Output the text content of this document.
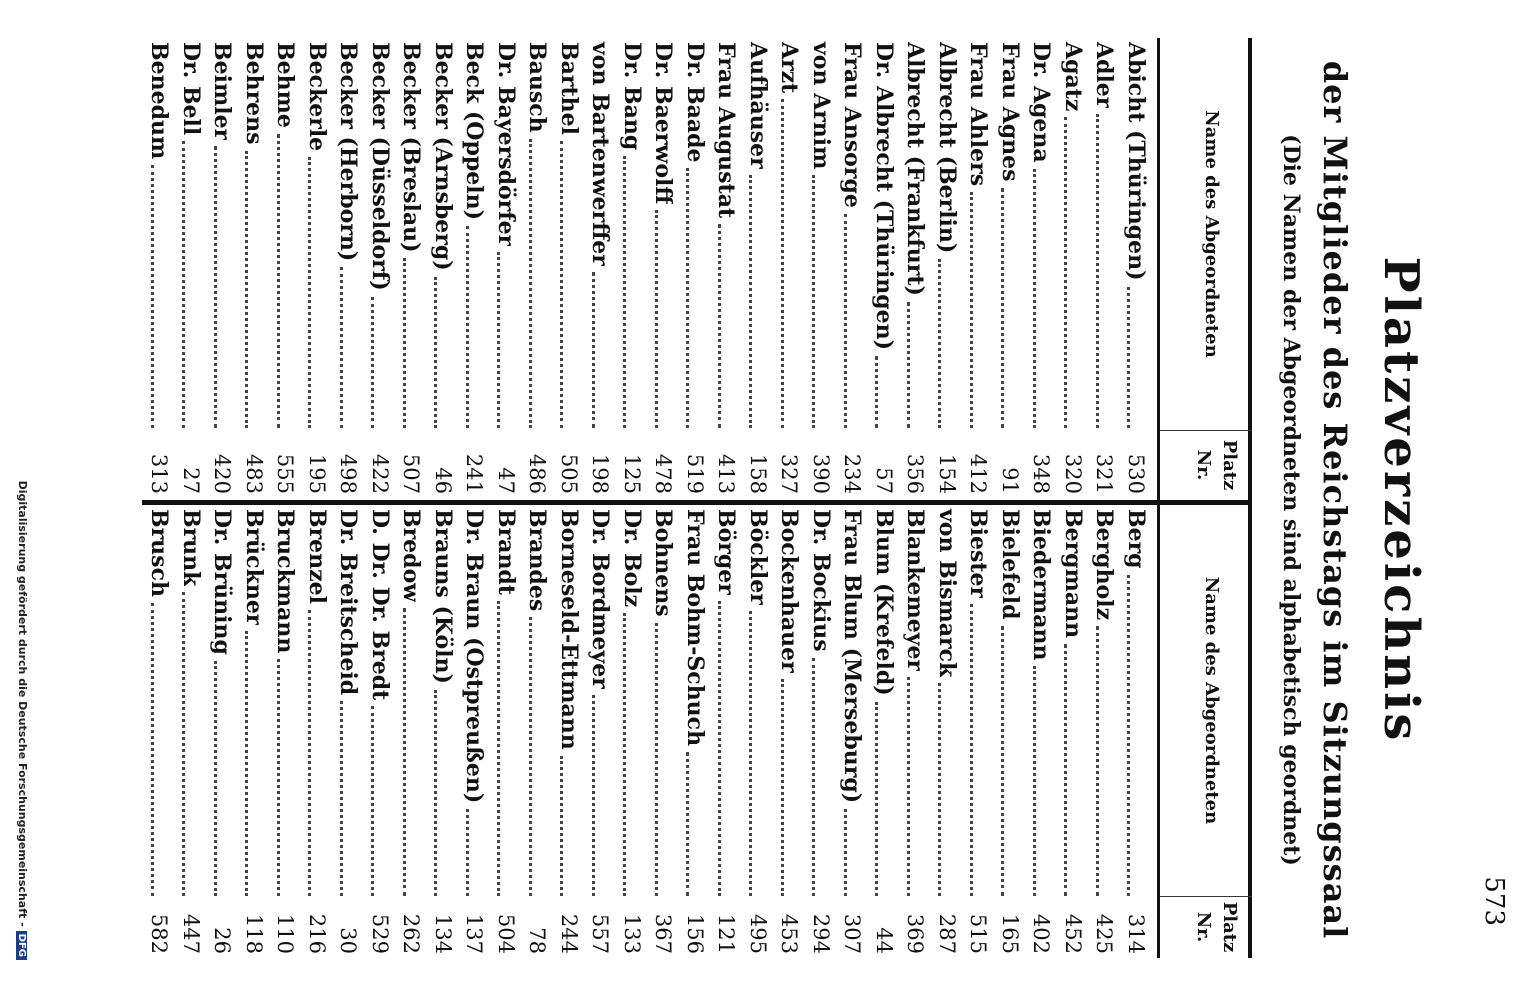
573
Platzverzeichnis
der Mitglieder des Reichstags im Sitzungssaal
(Die Namen der Abgeordneten sind alphabetisch geordnet)
Name des Abgeordneten
Platz
Nr.
Name des Abgeordneten
Platz
Nr.
Abicht (Thüringen)
530
Adler
321
Agatz
320
Dr. Agena
348
Frau Agnes
91
Frau Ahlers
412
Albrecht (Berlin)
154
Albrecht (Frankfurt)
356
Dr. Albrecht (Thüringen)
57
Frau Ansorge
234
von Arnim
390
Arzt
327
Aufhäuser
158
Frau Augustat
413
Dr. Baade
519
Dr. Baerwolff
478
Dr. Bang
125
von Bartenwerffer
198
Barthel
505
Bausch
486
Dr. Bayersdörfer
47
Beck (Oppeln)
241
Becker (Arnsberg)
46
Becker (Breslau)
507
Becker (Düsseldorf)
422
Becker (Herborn)
498
Beckerle
195
Behme
555
Behrens
483
Beimler
420
Dr. Bell
27
Benedum
313
Berg
314
Bergholz
425
Bergmann
452
Biedermann
402
Bielefeld
165
Biester
515
von Bismarck
287
Blankemeyer
369
Blum (Krefeld)
44
Frau Blum (Merseburg)
307
Dr. Bockius
294
Bockenhauer
453
Böckler
495
Börger
121
Frau Bohm-Schuch
156
Bohnens
367
Dr. Bolz
133
Dr. Bordmeyer
557
Borneseld-Ettmann
244
Brandes
78
Brandt
504
Dr. Braun (Ostpreußen)
137
Brauns (Köln)
134
Bredow
262
D. Dr. Dr. Bredt
529
Dr. Breitscheid
30
Brenzel
216
Bruckmann
110
Brückner
118
Dr. Brüning
26
Brunk
447
Brusch
582
Digitalisierung gefördert durch die Deutsche Forschungsgemeinschaft -DFG
